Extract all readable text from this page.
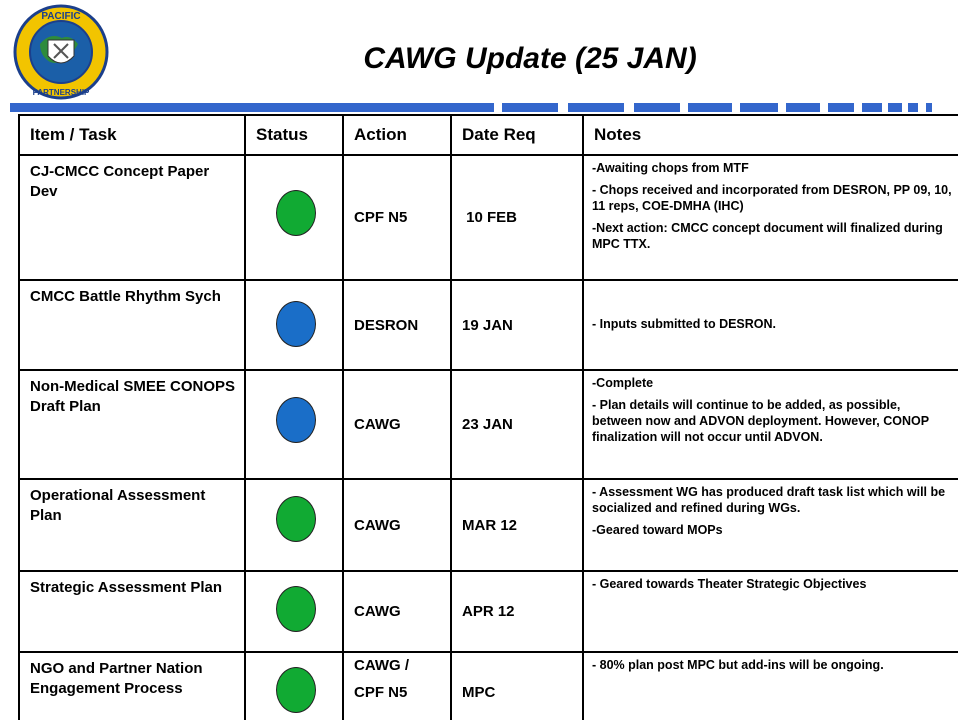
PACIFIC
PARTNERSHIP
CAWG Update (25 JAN)
Item / Task	Status	Action	Date Req	Notes
CJ-CMCC Concept Paper Dev		CPF N5	10 FEB	-Awaiting chops from MTF

- Chops received and incorporated from DESRON, PP 09, 10, 11 reps, COE-DMHA (IHC)

-Next action: CMCC concept document will finalized during MPC TTX.

CMCC Battle Rhythm Sych		DESRON	19 JAN	- Inputs submitted to DESRON.

Non-Medical SMEE CONOPS Draft Plan		CAWG	23 JAN	-Complete

- Plan details will continue to be added, as possible, between now and ADVON deployment. However, CONOP finalization will not occur until ADVON.

Operational Assessment Plan		CAWG	MAR 12	- Assessment WG has produced draft task list which will be socialized and refined during WGs.

-Geared toward MOPs

Strategic Assessment Plan		CAWG	APR 12	- Geared towards Theater Strategic Objectives

NGO and Partner Nation Engagement Process		CAWG /
CPF N5	MPC	- 80% plan post MPC but add-ins will be ongoing.
